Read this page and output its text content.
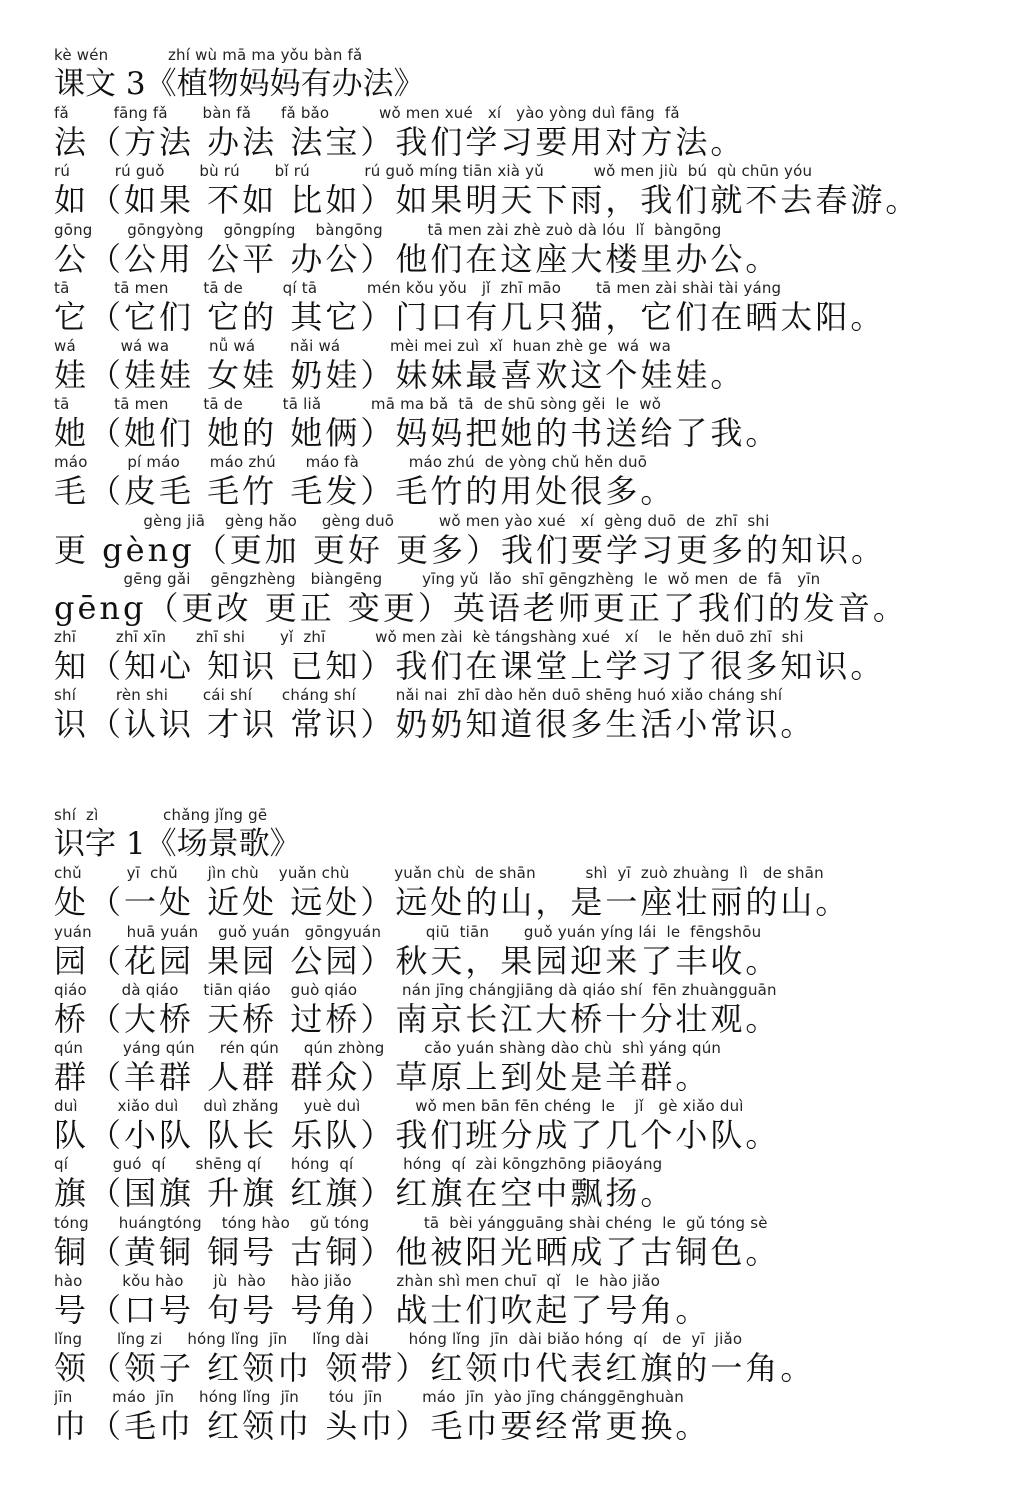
kè wén            zhí wù mā ma yǒu bàn fǎ
课文 3《植物妈妈有办法》
fǎ         fāng fǎ       bàn fǎ      fǎ bǎo          wǒ men xué   xí   yào yòng duì fāng  fǎ
法（方法 办法 法宝）我们学习要用对方法。
rú         rú guǒ       bù rú       bǐ rú           rú guǒ míng tiān xià yǔ          wǒ men jiù  bú  qù chūn yóu
如（如果 不如 比如）如果明天下雨，我们就不去春游。
gōng       gōngyòng    gōngpíng    bàngōng         tā men zài zhè zuò dà lóu  lǐ  bàngōng
公（公用 公平 办公）他们在这座大楼里办公。
tā         tā men       tā de        qí tā          mén kǒu yǒu   jǐ  zhī māo       tā men zài shài tài yáng
它（它们 它的 其它）门口有几只猫，它们在晒太阳。
wá         wá wa        nǚ wá       nǎi wá          mèi mei zuì  xǐ  huan zhè ge  wá  wa
娃（娃娃 女娃 奶娃）妹妹最喜欢这个娃娃。
tā         tā men       tā de        tā liǎ          mā ma bǎ  tā  de shū sòng gěi  le  wǒ
她（她们 她的 她俩）妈妈把她的书送给了我。
máo        pí máo      máo zhú      máo fà          máo zhú  de yòng chǔ hěn duō
毛（皮毛 毛竹 毛发）毛竹的用处很多。
gèng jiā    gèng hǎo     gèng duō         wǒ men yào xué   xí  gèng duō  de  zhī  shi
更 gèng（更加 更好 更多）我们要学习更多的知识。
gēng gǎi    gēngzhèng   biàngēng        yīng yǔ  lǎo  shī gēngzhèng  le  wǒ men  de  fā   yīn
gēng（更改 更正 变更）英语老师更正了我们的发音。
zhī        zhī xīn      zhī shi       yǐ  zhī          wǒ men zài  kè tángshàng xué   xí    le  hěn duō zhī  shi
知（知心 知识 已知）我们在课堂上学习了很多知识。
shí        rèn shi       cái shí      cháng shí        nǎi nai  zhī dào hěn duō shēng huó xiǎo cháng shí
识（认识 才识 常识）奶奶知道很多生活小常识。
shí  zì             chǎng jǐng gē
识字 1《场景歌》
chǔ         yī  chǔ      jìn chù    yuǎn chù         yuǎn chù  de shān          shì  yī  zuò zhuàng  lì   de shān
处（一处 近处 远处）远处的山，是一座壮丽的山。
yuán       huā yuán    guǒ yuán   gōngyuán         qiū  tiān       guǒ yuán yíng lái  le  fēngshōu
园（花园 果园 公园）秋天，果园迎来了丰收。
qiáo       dà qiáo     tiān qiáo    guò qiáo         nán jīng chángjiāng dà qiáo shí  fēn zhuàngguān
桥（大桥 天桥 过桥）南京长江大桥十分壮观。
qún        yáng qún     rén qún     qún zhòng        cǎo yuán shàng dào chù  shì yáng qún
群（羊群 人群 群众）草原上到处是羊群。
duì        xiǎo duì     duì zhǎng     yuè duì           wǒ men bān fēn chéng  le    jǐ   gè xiǎo duì
队（小队 队长 乐队）我们班分成了几个小队。
qí         guó  qí      shēng qí      hóng  qí          hóng  qí  zài kōngzhōng piāoyáng
旗（国旗 升旗 红旗）红旗在空中飘扬。
tóng      huángtóng    tóng hào    gǔ tóng           tā  bèi yángguāng shài chéng  le  gǔ tóng sè
铜（黄铜 铜号 古铜）他被阳光晒成了古铜色。
hào        kǒu hào      jù  hào     hào jiǎo         zhàn shì men chuī  qǐ   le  hào jiǎo
号（口号 句号 号角）战士们吹起了号角。
lǐng       lǐng zi     hóng lǐng  jīn     lǐng dài        hóng lǐng  jīn  dài biǎo hóng  qí   de  yī  jiǎo
领（领子 红领巾 领带）红领巾代表红旗的一角。
jīn        máo  jīn     hóng lǐng  jīn      tóu  jīn        máo  jīn  yào jīng chánggēnghuàn
巾（毛巾 红领巾 头巾）毛巾要经常更换。
